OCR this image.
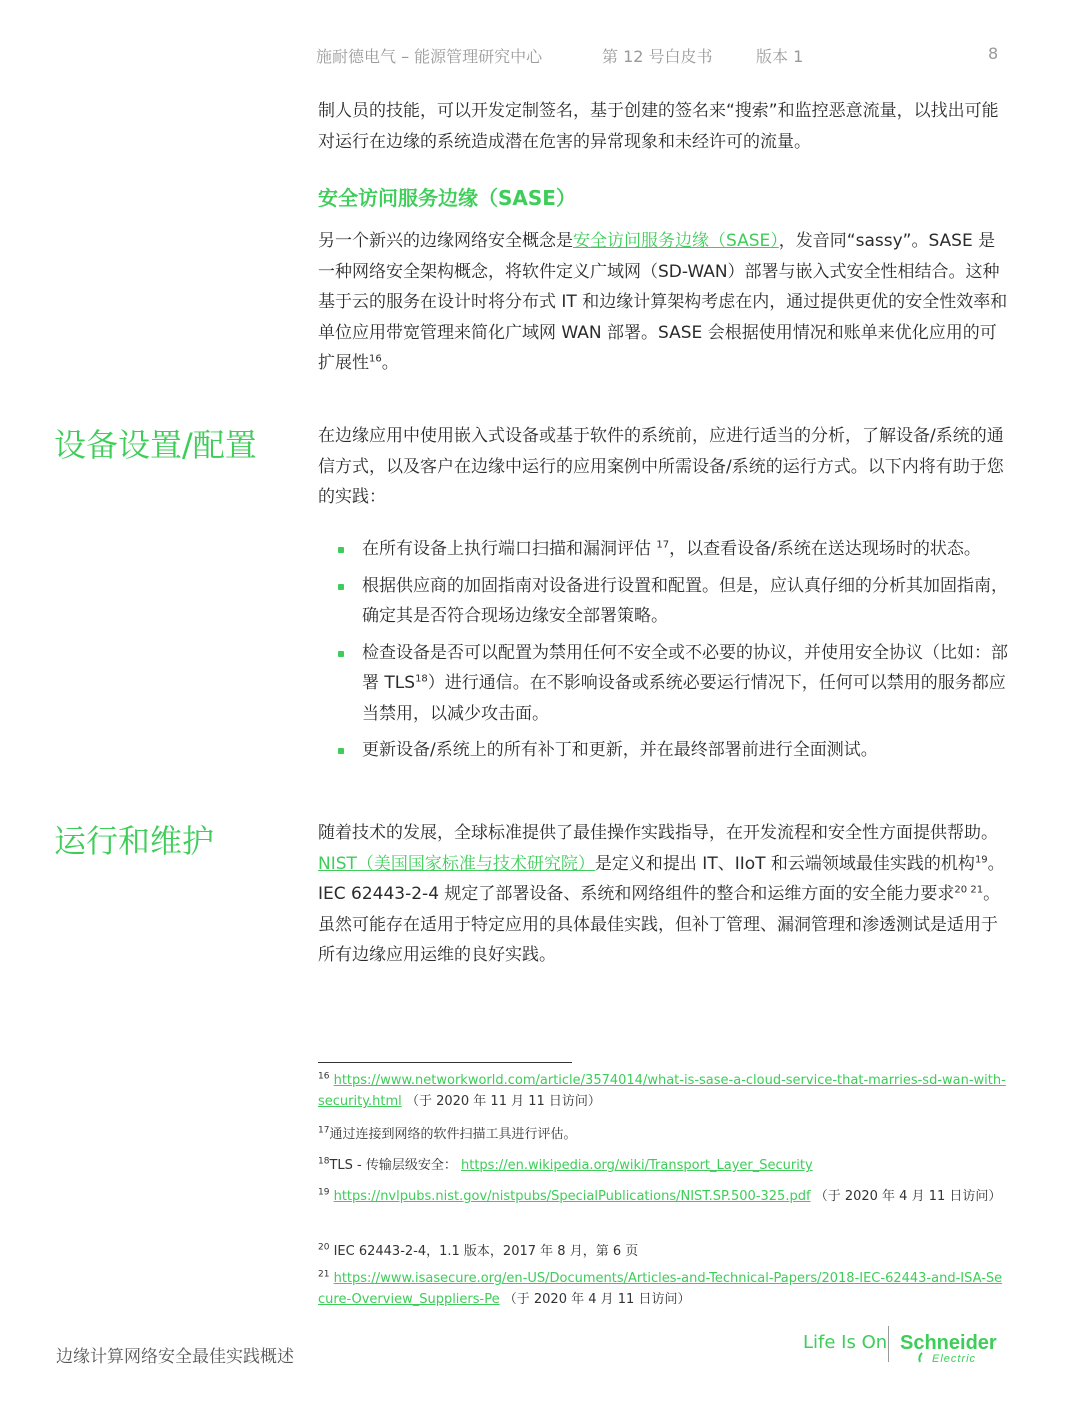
施耐德电气 – 能源管理研究中心	第 12 号白皮书	版本 1	8
制人员的技能，可以开发定制签名，基于创建的签名来“搜索”和监控恶意流量，以找出可能对运行在边缘的系统造成潜在危害的异常现象和未经许可的流量。
安全访问服务边缘（SASE）
另一个新兴的边缘网络安全概念是安全访问服务边缘（SASE），发音同“sassy”。SASE 是一种网络安全架构概念，将软件定义广域网（SD-WAN）部署与嵌入式安全性相结合。这种基于云的服务在设计时将分布式 IT 和边缘计算架构考虑在内，通过提供更优的安全性效率和单位应用带宽管理来简化广域网 WAN 部署。SASE 会根据使用情况和账单来优化应用的可扩展性$^{16}$。
设备设置/配置	在边缘应用中使用嵌入式设备或基于软件的系统前，应进行适当的分析，了解设备/系统的通信方式，以及客户在边缘中运行的应用案例中所需设备/系统的运行方式。以下内将有助于您的实践：
在所有设备上执行端口扫描和漏洞评估 $^{17}$，以查看设备/系统在送达现场时的状态。
根据供应商的加固指南对设备进行设置和配置。但是，应认真仔细的分析其加固指南，确定其是否符合现场边缘安全部署策略。
检查设备是否可以配置为禁用任何不安全或不必要的协议，并使用安全协议（比如：部署 TLS$^{18}$）进行通信。在不影响设备或系统必要运行情况下，任何可以禁用的服务都应当禁用，以减少攻击面。
更新设备/系统上的所有补丁和更新，并在最终部署前进行全面测试。
运行和维护	随着技术的发展，全球标准提供了最佳操作实践指导，在开发流程和安全性方面提供帮助。NIST（美国国家标准与技术研究院）是定义和提出 IT、IIoT 和云端领域最佳实践的机构$^{19}$。IEC 62443-2-4 规定了部署设备、系统和网络组件的整合和运维方面的安全能力要求$^{20 21}$。虽然可能存在适用于特定应用的具体最佳实践，但补丁管理、漏洞管理和渗透测试是适用于所有边缘应用运维的良好实践。
$^{16}$ https://www.networkworld.com/article/3574014/what-is-sase-a-cloud-service-that-marries-sd-wan-with-security.html （于 2020 年 11 月 11 日访问）
$^{17}$通过连接到网络的软件扫描工具进行评估。
$^{18}$TLS - 传输层级安全： https://en.wikipedia.org/wiki/Transport_Layer_Security
$^{19}$ https://nvlpubs.nist.gov/nistpubs/SpecialPublications/NIST.SP.500-325.pdf （于 2020 年 4 月 11 日访问）
$^{20}$ IEC 62443-2-4，1.1 版本，2017 年 8 月，第 6 页
$^{21}$ https://www.isasecure.org/en-US/Documents/Articles-and-Technical-Papers/2018-IEC-62443-and-ISA-Secure-Overview_Suppliers-Pe （于 2020 年 4 月 11 日访问）
边缘计算网络安全最佳实践概述
Life Is On Schneider
Electric
